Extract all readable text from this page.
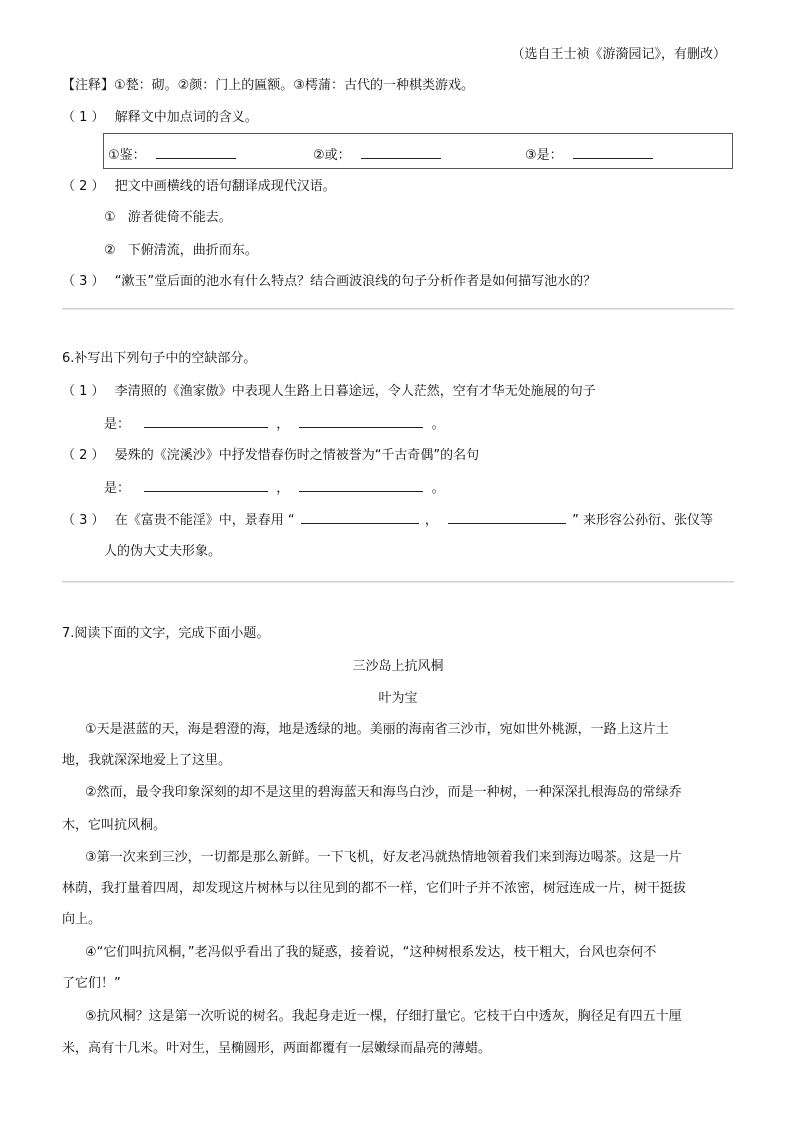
（选自王士祯《游漪园记》，有删改）
【注释】①甃：砌。②颜：门上的匾额。③樗蒲：古代的一种棋类游戏。
（ 1 ） 解释文中加点词的含义。
①鉴：	②或：	③是：
（ 2 ） 把文中画横线的语句翻译成现代汉语。
① 游者徙倚不能去。
② 下俯清流，曲折而东。
（ 3 ） “漱玉”堂后面的池水有什么特点？结合画波浪线的句子分析作者是如何描写池水的？
6.补写出下列句子中的空缺部分。
（ 1 ） 李清照的《渔家傲》中表现人生路上日暮途远，令人茫然，空有才华无处施展的句子
是：	，	。
（ 2 ） 晏殊的《浣溪沙》中抒发惜春伤时之情被誉为“千古奇偶”的名句
是：	，	。
（ 3 ） 在《富贵不能淫》中，景春用 “	，	” 来形容公孙衍、张仪等
人的伪大丈夫形象。
7.阅读下面的文字，完成下面小题。
三沙岛上抗风桐
叶为宝
①天是湛蓝的天，海是碧澄的海，地是透绿的地。美丽的海南省三沙市，宛如世外桃源，一路上这片土
地，我就深深地爱上了这里。
②然而，最令我印象深刻的却不是这里的碧海蓝天和海鸟白沙，而是一种树，一种深深扎根海岛的常绿乔
木，它叫抗风桐。
③第一次来到三沙，一切都是那么新鲜。一下飞机，好友老冯就热情地领着我们来到海边喝茶。这是一片
林荫，我打量着四周，却发现这片树林与以往见到的都不一样，它们叶子并不浓密，树冠连成一片，树干挺拔
向上。
④“它们叫抗风桐，”老冯似乎看出了我的疑惑，接着说，“这种树根系发达，枝干粗大，台风也奈何不
了它们！”
⑤抗风桐？这是第一次听说的树名。我起身走近一棵，仔细打量它。它枝干白中透灰，胸径足有四五十厘
米，高有十几米。叶对生，呈椭圆形，两面都覆有一层嫩绿而晶亮的薄蜡。
